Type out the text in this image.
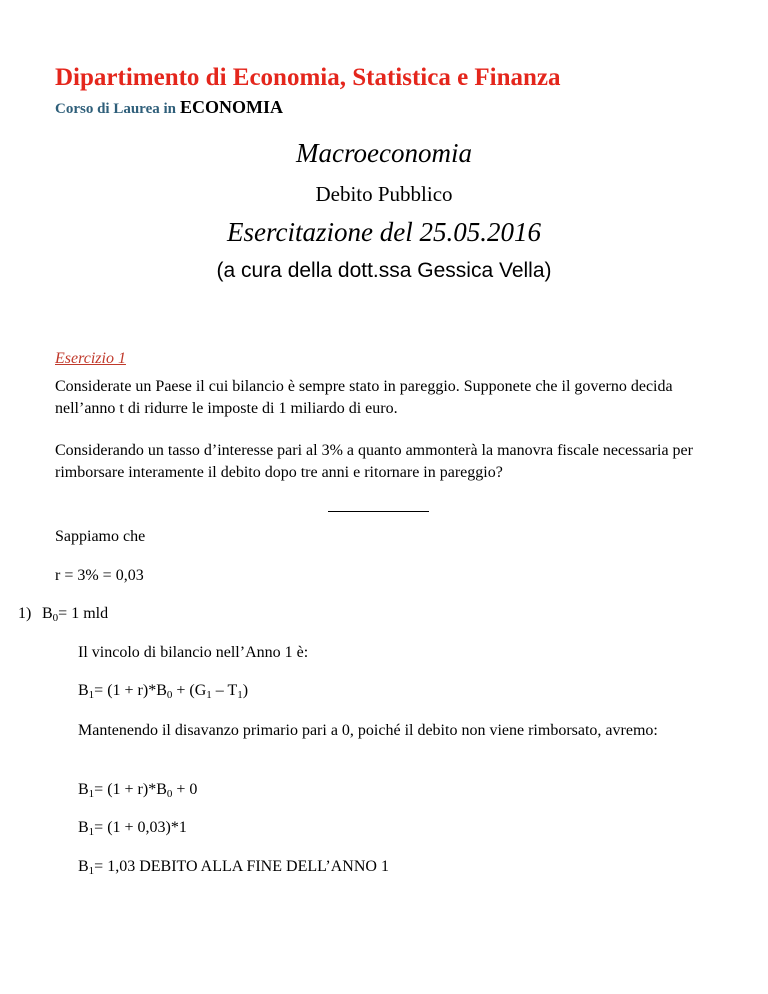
Dipartimento di Economia, Statistica e Finanza
Corso di Laurea in ECONOMIA
Macroeconomia
Debito Pubblico
Esercitazione del 25.05.2016
(a cura della dott.ssa Gessica Vella)
Esercizio 1
Considerate un Paese il cui bilancio è sempre stato in pareggio. Supponete che il governo decida nell’anno t di ridurre le imposte di 1 miliardo di euro.
Considerando un tasso d’interesse pari al 3% a quanto ammonterà la manovra fiscale necessaria per rimborsare interamente il debito dopo tre anni e ritornare in pareggio?
Sappiamo che
r = 3% = 0,03
1) $B_0= 1$ mld
Il vincolo di bilancio nell’Anno 1 è:
$B_1= (1 + r)*B_0 + (G_1 - T_1)$
Mantenendo il disavanzo primario pari a 0, poiché il debito non viene rimborsato, avremo:
$B_1= (1 + r)*B_0 + 0$
$B_1= (1 + 0,03)*1$
$B_1= 1,03$ DEBITO ALLA FINE DELL’ANNO 1
